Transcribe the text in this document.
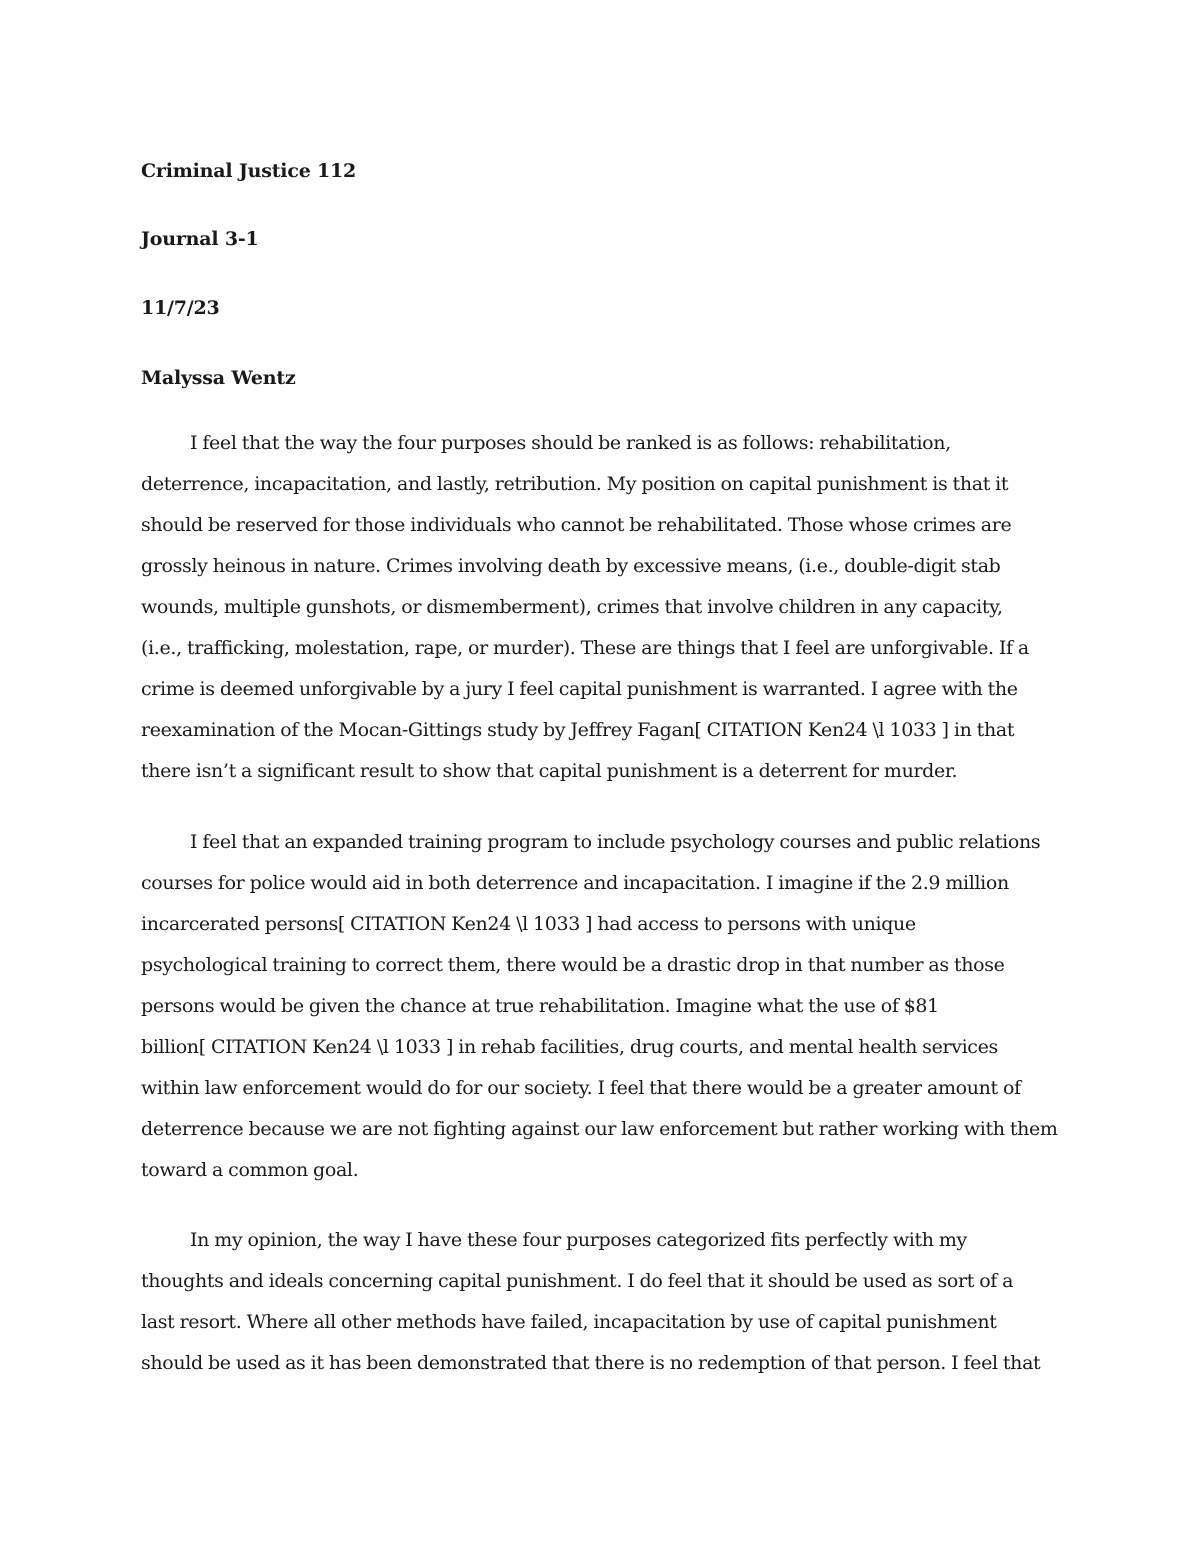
Criminal Justice 112
Journal 3-1
11/7/23
Malyssa Wentz
I feel that the way the four purposes should be ranked is as follows: rehabilitation,
deterrence, incapacitation, and lastly, retribution. My position on capital punishment is that it
should be reserved for those individuals who cannot be rehabilitated. Those whose crimes are
grossly heinous in nature. Crimes involving death by excessive means, (i.e., double-digit stab
wounds, multiple gunshots, or dismemberment), crimes that involve children in any capacity,
(i.e., trafficking, molestation, rape, or murder). These are things that I feel are unforgivable. If a
crime is deemed unforgivable by a jury I feel capital punishment is warranted. I agree with the
reexamination of the Mocan-Gittings study by Jeffrey Fagan[ CITATION Ken24 \l 1033 ] in that
there isn’t a significant result to show that capital punishment is a deterrent for murder.
I feel that an expanded training program to include psychology courses and public relations
courses for police would aid in both deterrence and incapacitation. I imagine if the 2.9 million
incarcerated persons[ CITATION Ken24 \l 1033 ] had access to persons with unique
psychological training to correct them, there would be a drastic drop in that number as those
persons would be given the chance at true rehabilitation. Imagine what the use of $81
billion[ CITATION Ken24 \l 1033 ] in rehab facilities, drug courts, and mental health services
within law enforcement would do for our society. I feel that there would be a greater amount of
deterrence because we are not fighting against our law enforcement but rather working with them
toward a common goal.
In my opinion, the way I have these four purposes categorized fits perfectly with my
thoughts and ideals concerning capital punishment. I do feel that it should be used as sort of a
last resort. Where all other methods have failed, incapacitation by use of capital punishment
should be used as it has been demonstrated that there is no redemption of that person. I feel that
